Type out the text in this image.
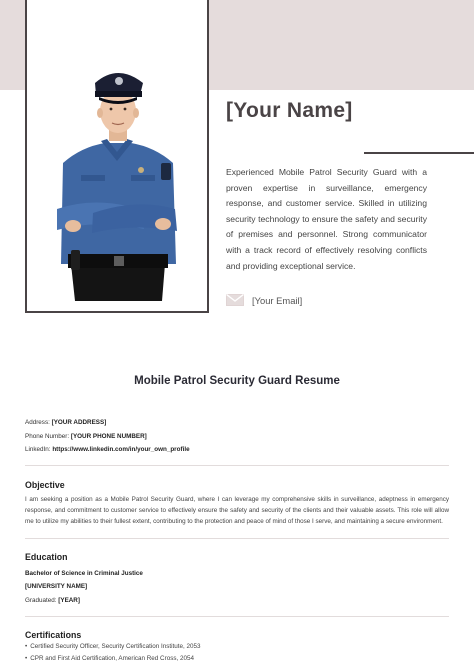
[Your Name]

Experienced Mobile Patrol Security Guard with a proven expertise in surveillance, emergency response, and customer service. Skilled in utilizing security technology to ensure the safety and security of premises and personnel. Strong communicator with a track record of effectively resolving conflicts and providing exceptional service.

[Your Email]
Mobile Patrol Security Guard Resume
Address: [YOUR ADDRESS]
Phone Number: [YOUR PHONE NUMBER]
LinkedIn: https://www.linkedin.com/in/your_own_profile
Objective

I am seeking a position as a Mobile Patrol Security Guard, where I can leverage my comprehensive skills in surveillance, adeptness in emergency response, and commitment to customer service to effectively ensure the safety and security of the clients and their valuable assets. This role will allow me to utilize my abilities to their fullest extent, contributing to the protection and peace of mind of those I serve, and maintaining a secure environment.

Education
Bachelor of Science in Criminal Justice
[UNIVERSITY NAME]
Graduated: [YEAR]
Certifications
• Certified Security Officer, Security Certification Institute, 2053
• CPR and First Aid Certification, American Red Cross, 2054
